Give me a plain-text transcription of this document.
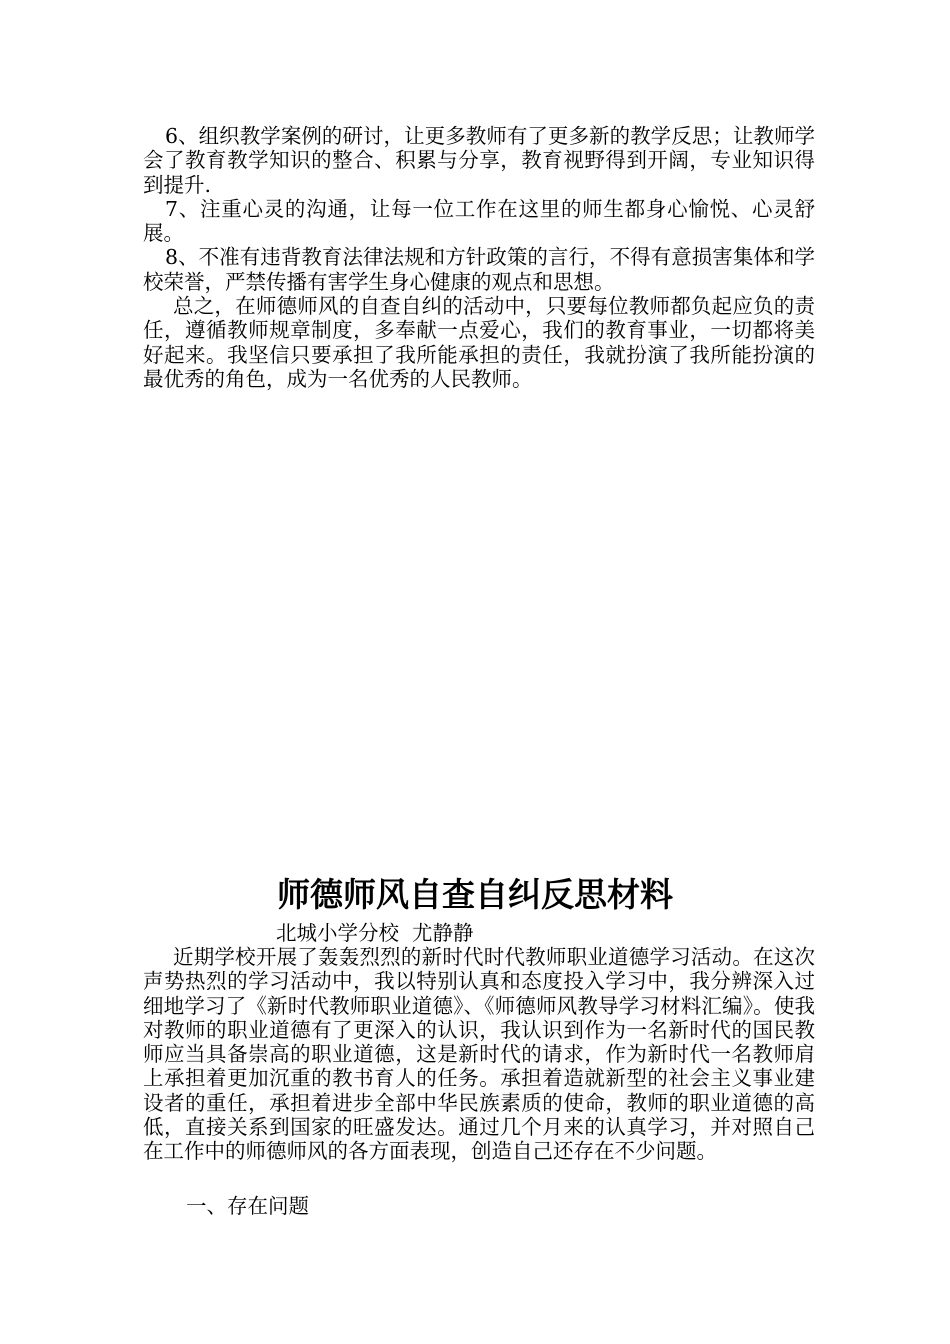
6、组织教学案例的研讨，让更多教师有了更多新的教学反思；让教师学会了教育教学知识的整合、积累与分享，教育视野得到开阔，专业知识得到提升.

7、注重心灵的沟通，让每一位工作在这里的师生都身心愉悦、心灵舒展。

8、不准有违背教育法律法规和方针政策的言行，不得有意损害集体和学校荣誉，严禁传播有害学生身心健康的观点和思想。

总之，在师德师风的自查自纠的活动中，只要每位教师都负起应负的责任，遵循教师规章制度，多奉献一点爱心，我们的教育事业，一切都将美好起来。我坚信只要承担了我所能承担的责任，我就扮演了我所能扮演的最优秀的角色，成为一名优秀的人民教师。

师德师风自查自纠反思材料

北城小学分校  尤静静

近期学校开展了轰轰烈烈的新时代时代教师职业道德学习活动。在这次声势热烈的学习活动中，我以特别认真和态度投入学习中，我分辨深入过细地学习了《新时代教师职业道德》、《师德师风教导学习材料汇编》。使我对教师的职业道德有了更深入的认识，我认识到作为一名新时代的国民教师应当具备崇高的职业道德，这是新时代的请求，作为新时代一名教师肩上承担着更加沉重的教书育人的任务。承担着造就新型的社会主义事业建设者的重任，承担着进步全部中华民族素质的使命，教师的职业道德的高低，直接关系到国家的旺盛发达。通过几个月来的认真学习，并对照自己在工作中的师德师风的各方面表现，创造自己还存在不少问题。

一、存在问题
